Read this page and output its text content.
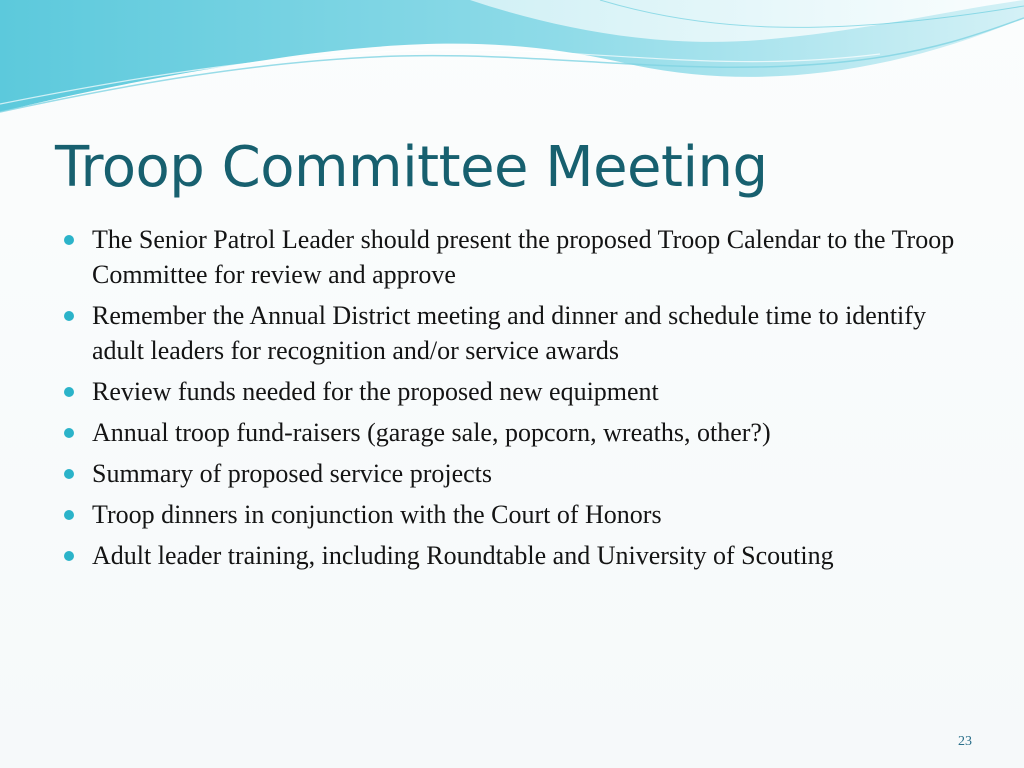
Troop Committee Meeting
The Senior Patrol Leader should present the proposed Troop Calendar to the Troop Committee for review and approve
Remember the Annual District meeting and dinner and schedule time to identify adult leaders for recognition and/or service awards
Review funds needed for the proposed new equipment
Annual troop fund-raisers (garage sale, popcorn, wreaths, other?)
Summary of proposed service projects
Troop dinners in conjunction with the Court of Honors
Adult leader training, including Roundtable and University of Scouting
23
